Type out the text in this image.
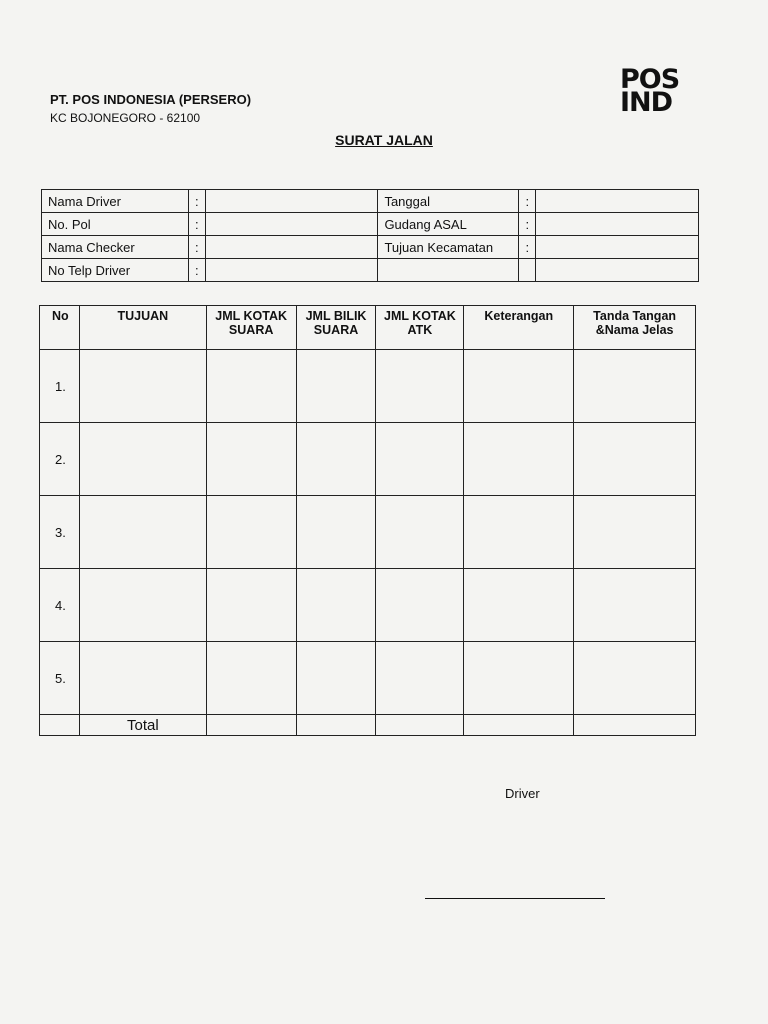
PT. POS INDONESIA (PERSERO)
KC BOJONEGORO - 62100
POS
IND
SURAT JALAN
Nama Driver	:		Tanggal	:	
No. Pol	:		Gudang ASAL	:	
Nama Checker	:		Tujuan Kecamatan	:	
No Telp Driver	:				
No	TUJUAN	JML KOTAK SUARA	JML BILIK SUARA	JML KOTAK ATK	Keterangan	Tanda Tangan &Nama Jelas
1.						
2.						
3.						
4.						
5.						
	Total					
Driver
